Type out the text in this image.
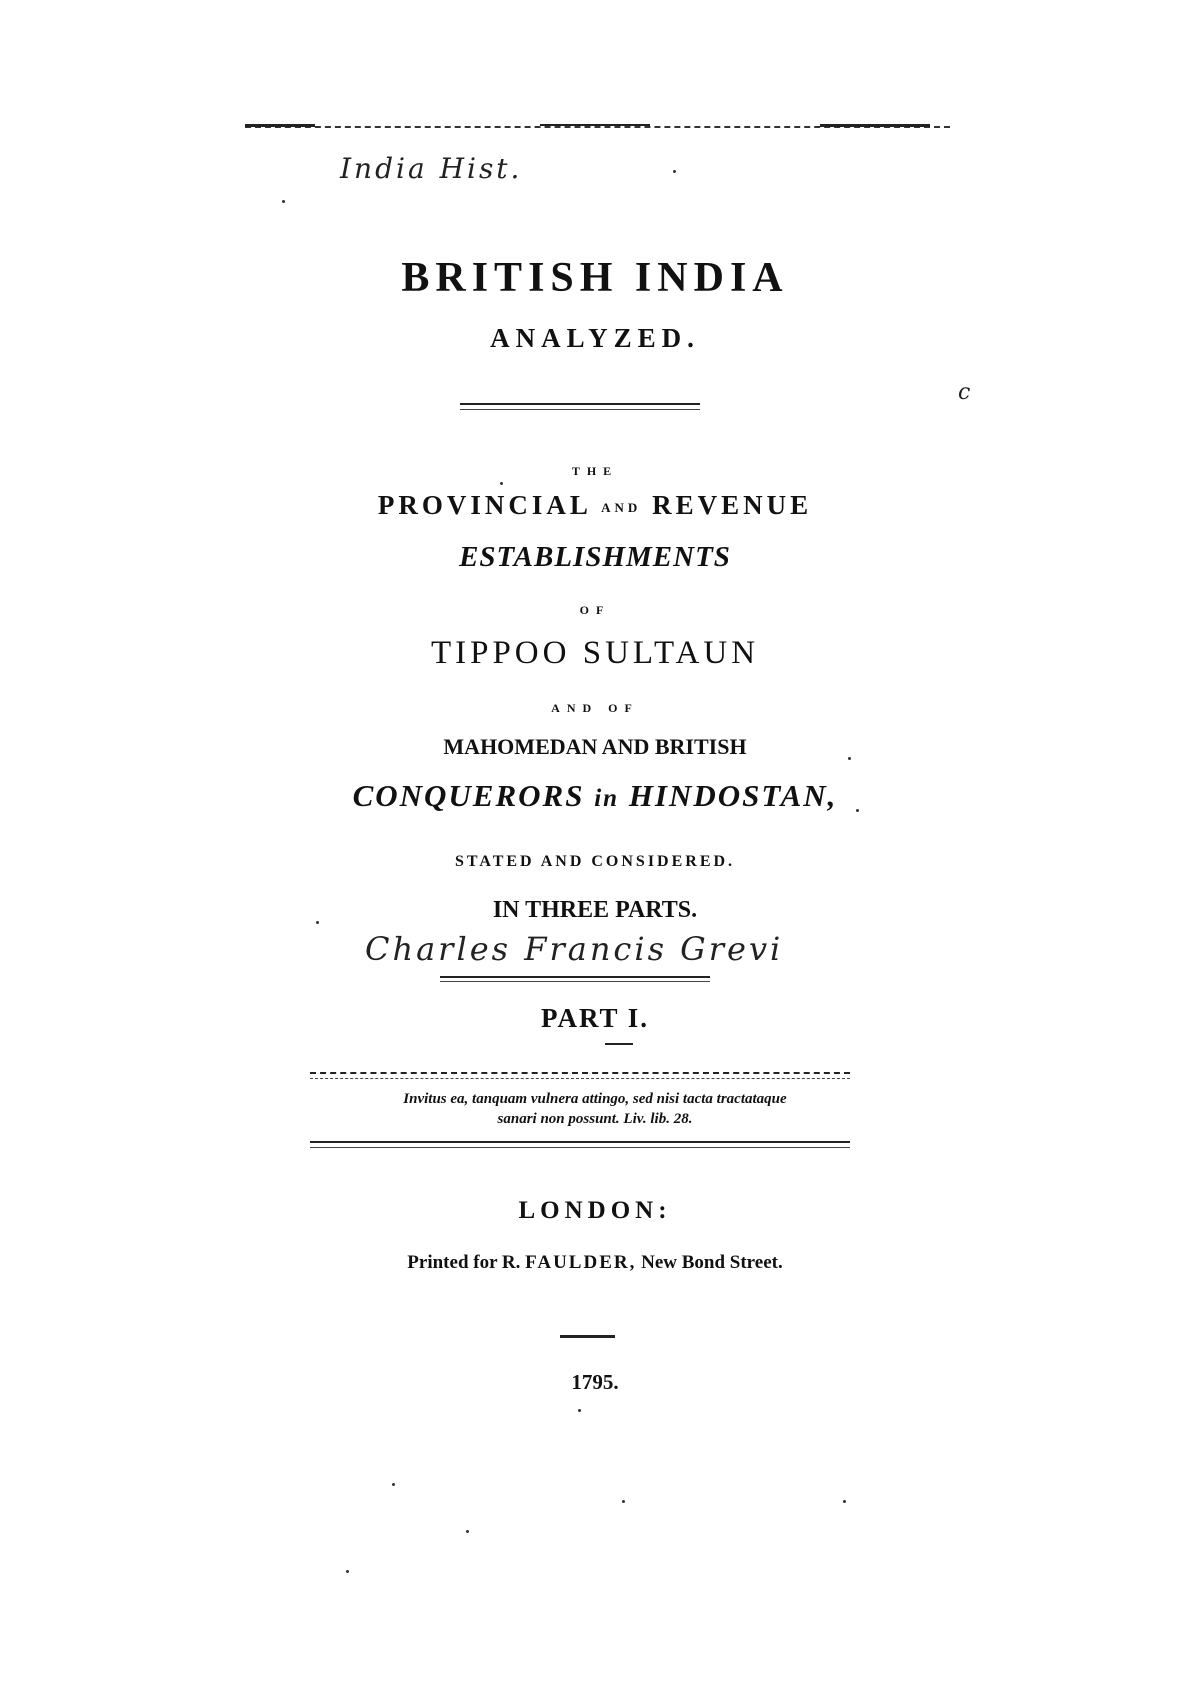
India Hist.
BRITISH INDIA
ANALYZED.
THE
PROVINCIAL AND REVENUE
ESTABLISHMENTS
OF
TIPPOO SULTAUN
AND OF
MAHOMEDAN AND BRITISH
CONQUERORS in HINDOSTAN,
STATED AND CONSIDERED.
IN THREE PARTS.
Charles Francis Grevi
PART I.
Invitus ea, tanquam vulnera attingo, sed nisi tacta tractataque
sanari non possunt. Liv. lib. 28.
LONDON:
Printed for R. FAULDER, New Bond Street.
1795.
c
